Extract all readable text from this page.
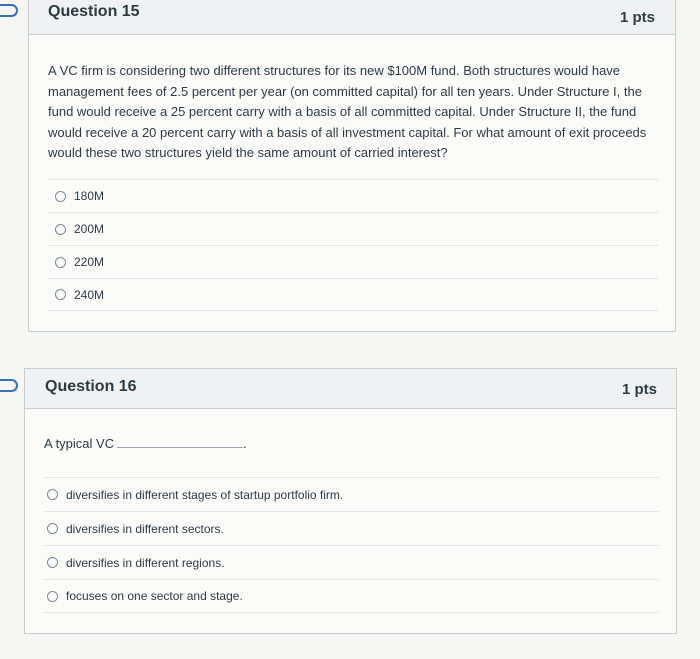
Question 15	1 pts
A VC firm is considering two different structures for its new $100M fund. Both structures would have management fees of 2.5 percent per year (on committed capital) for all ten years. Under Structure I, the fund would receive a 25 percent carry with a basis of all committed capital. Under Structure II, the fund would receive a 20 percent carry with a basis of all investment capital. For what amount of exit proceeds would these two structures yield the same amount of carried interest?
180M
200M
220M
240M
Question 16	1 pts
A typical VC	.
diversifies in different stages of startup portfolio firm.
diversifies in different sectors.
diversifies in different regions.
focuses on one sector and stage.
